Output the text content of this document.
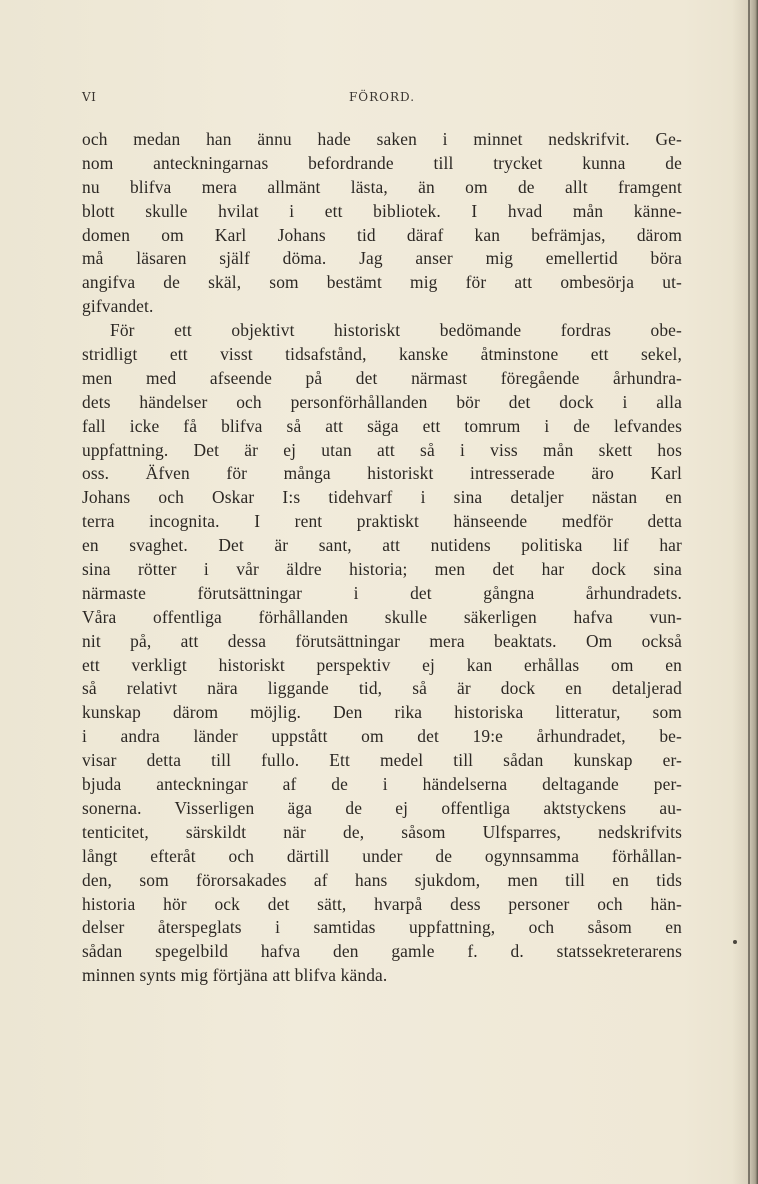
VI	FÖRORD.
och medan han ännu hade saken i minnet nedskrifvit. Ge-
nom anteckningarnas befordrande till trycket kunna de
nu blifva mera allmänt lästa, än om de allt framgent
blott skulle hvilat i ett bibliotek. I hvad mån känne-
domen om Karl Johans tid däraf kan befrämjas, därom
må läsaren själf döma. Jag anser mig emellertid böra
angifva de skäl, som bestämt mig för att ombesörja ut-
gifvandet.
För ett objektivt historiskt bedömande fordras obe-
stridligt ett visst tidsafstånd, kanske åtminstone ett sekel,
men med afseende på det närmast föregående århundra-
dets händelser och personförhållanden bör det dock i alla
fall icke få blifva så att säga ett tomrum i de lefvandes
uppfattning. Det är ej utan att så i viss mån skett hos
oss. Äfven för många historiskt intresserade äro Karl
Johans och Oskar I:s tidehvarf i sina detaljer nästan en
terra incognita. I rent praktiskt hänseende medför detta
en svaghet. Det är sant, att nutidens politiska lif har
sina rötter i vår äldre historia; men det har dock sina
närmaste förutsättningar i det gångna århundradets.
Våra offentliga förhållanden skulle säkerligen hafva vun-
nit på, att dessa förutsättningar mera beaktats. Om också
ett verkligt historiskt perspektiv ej kan erhållas om en
så relativt nära liggande tid, så är dock en detaljerad
kunskap därom möjlig. Den rika historiska litteratur, som
i andra länder uppstått om det 19:e århundradet, be-
visar detta till fullo. Ett medel till sådan kunskap er-
bjuda anteckningar af de i händelserna deltagande per-
sonerna. Visserligen äga de ej offentliga aktstyckens au-
tenticitet, särskildt när de, såsom Ulfsparres, nedskrifvits
långt efteråt och därtill under de ogynnsamma förhållan-
den, som förorsakades af hans sjukdom, men till en tids
historia hör ock det sätt, hvarpå dess personer och hän-
delser återspeglats i samtidas uppfattning, och såsom en
sådan spegelbild hafva den gamle f. d. statssekreterarens
minnen synts mig förtjäna att blifva kända.
